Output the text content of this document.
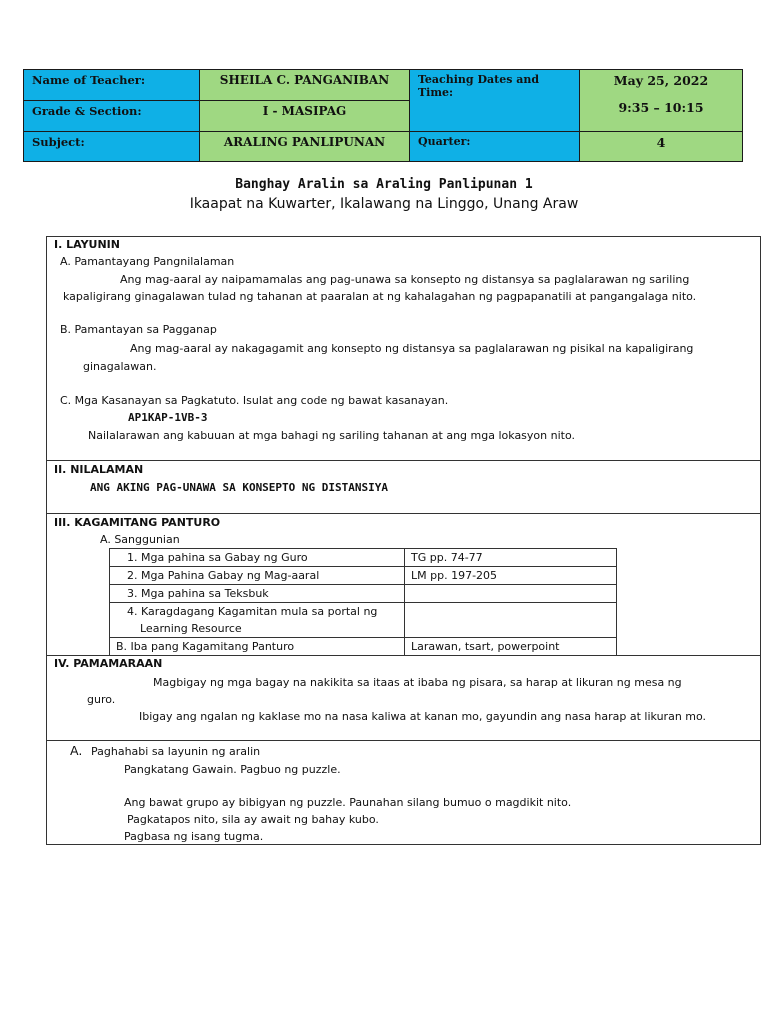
Name of Teacher:	SHEILA C. PANGANIBAN	Teaching Dates and Time:	May 25, 2022
9:35 – 10:15

Grade & Section:	I - MASIPAG		
Subject:	ARALING PANLIPUNAN	Quarter:	4
Banghay Aralin sa Araling Panlipunan 1
Ikaapat na Kuwarter, Ikalawang na Linggo, Unang Araw
I. LAYUNIN
A. Pamantayang Pangnilalaman
Ang mag-aaral ay naipamamalas ang pag-unawa sa konsepto ng distansya sa paglalarawan ng sariling
kapaligirang ginagalawan tulad ng tahanan at paaralan at ng kahalagahan ng pagpapanatili at pangangalaga nito.
B. Pamantayan sa Pagganap
Ang mag-aaral ay nakagagamit ang konsepto ng distansya sa paglalarawan ng pisikal na kapaligirang
ginagalawan.
C. Mga Kasanayan sa Pagkatuto. Isulat ang code ng bawat kasanayan.
AP1KAP-1VB-3
Nailalarawan ang kabuuan at mga bahagi ng sariling tahanan at ang mga lokasyon nito.
II. NILALAMAN
ANG AKING PAG-UNAWA SA KONSEPTO NG DISTANSIYA
III. KAGAMITANG PANTURO
A. Sanggunian
IV. PAMAMARAAN
Magbigay ng mga bagay na nakikita sa itaas at ibaba ng pisara, sa harap at likuran ng mesa ng
guro.
Ibigay ang ngalan ng kaklase mo na nasa kaliwa at kanan mo, gayundin ang nasa harap at likuran mo.
A. Paghahabi sa layunin ng aralin
Pangkatang Gawain. Pagbuo ng puzzle.
Ang bawat grupo ay bibigyan ng puzzle. Paunahan silang bumuo o magdikit nito.
Pagkatapos nito, sila ay await ng bahay kubo.
Pagbasa ng isang tugma.
1. Mga pahina sa Gabay ng Guro	TG pp. 74-77
2. Mga Pahina Gabay ng Mag-aaral	LM pp. 197-205
3. Mga pahina sa Teksbuk	
4. Karagdagang Kagamitan mula sa portal ng
Learning Resource	
B. Iba pang Kagamitang Panturo	Larawan, tsart, powerpoint
